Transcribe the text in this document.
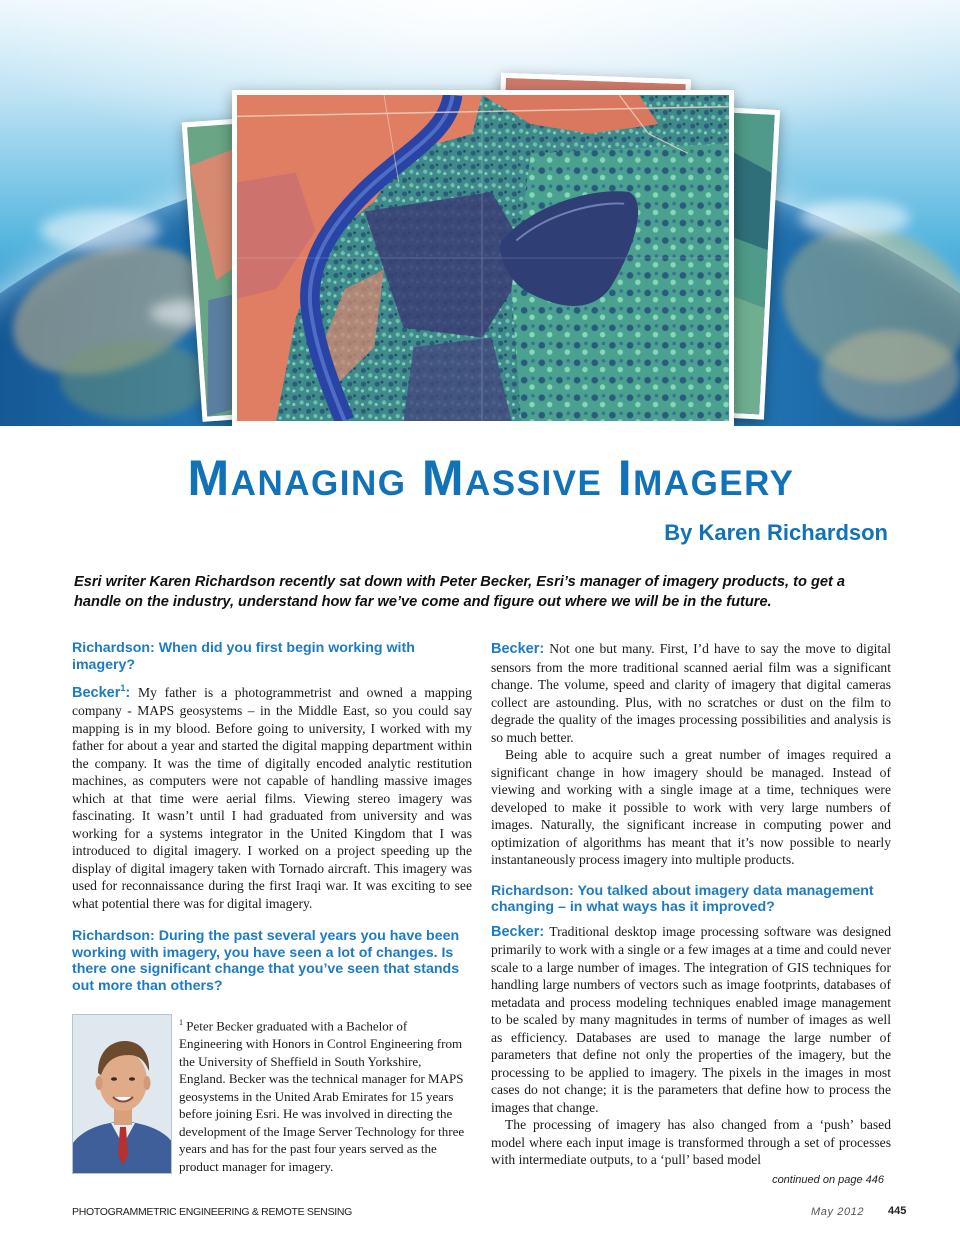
Managing Massive Imagery
By Karen Richardson

Esri writer Karen Richardson recently sat down with Peter Becker, Esri’s manager of imagery products, to get a handle on the industry, understand how far we’ve come and figure out where we will be in the future.

Richardson: When did you first begin working with imagery?

Becker$^1$: My father is a photogrammetrist and owned a mapping company - MAPS geosystems – in the Middle East, so you could say mapping is in my blood. Before going to university, I worked with my father for about a year and started the digital mapping department within the company. It was the time of digitally encoded analytic restitution machines, as computers were not capable of handling massive images which at that time were aerial films. Viewing stereo imagery was fascinating. It wasn’t until I had graduated from university and was working for a systems integrator in the United Kingdom that I was introduced to digital imagery. I worked on a project speeding up the display of digital imagery taken with Tornado aircraft. This imagery was used for reconnaissance during the first Iraqi war. It was exciting to see what potential there was for digital imagery.

Richardson: During the past several years you have been working with imagery, you have seen a lot of changes. Is there one significant change that you’ve seen that stands out more than others?

$^1$ Peter Becker graduated with a Bachelor of Engineering with Honors in Control Engineering from the University of Sheffield in South Yorkshire, England. Becker was the technical manager for MAPS geosystems in the United Arab Emirates for 15 years before joining Esri. He was involved in directing the development of the Image Server Technology for three years and has for the past four years served as the product manager for imagery.

Becker: Not one but many. First, I’d have to say the move to digital sensors from the more traditional scanned aerial film was a significant change. The volume, speed and clarity of imagery that digital cameras collect are astounding. Plus, with no scratches or dust on the film to degrade the quality of the images processing possibilities and analysis is so much better.

Being able to acquire such a great number of images required a significant change in how imagery should be managed. Instead of viewing and working with a single image at a time, techniques were developed to make it possible to work with very large numbers of images. Naturally, the significant increase in computing power and optimization of algorithms has meant that it’s now possible to nearly instantaneously process imagery into multiple products.

Richardson: You talked about imagery data management changing – in what ways has it improved?

Becker: Traditional desktop image processing software was designed primarily to work with a single or a few images at a time and could never scale to a large number of images. The integration of GIS techniques for handling large numbers of vectors such as image footprints, databases of metadata and process modeling techniques enabled image management to be scaled by many magnitudes in terms of number of images as well as efficiency. Databases are used to manage the large number of parameters that define not only the properties of the imagery, but the processing to be applied to imagery. The pixels in the images in most cases do not change; it is the parameters that define how to process the images that change.

The processing of imagery has also changed from a ‘push’ based model where each input image is transformed through a set of processes with intermediate outputs, to a ‘pull’ based model

continued on page 446
PHOTOGRAMMETRIC ENGINEERING & REMOTE SENSING	May 2012 445
